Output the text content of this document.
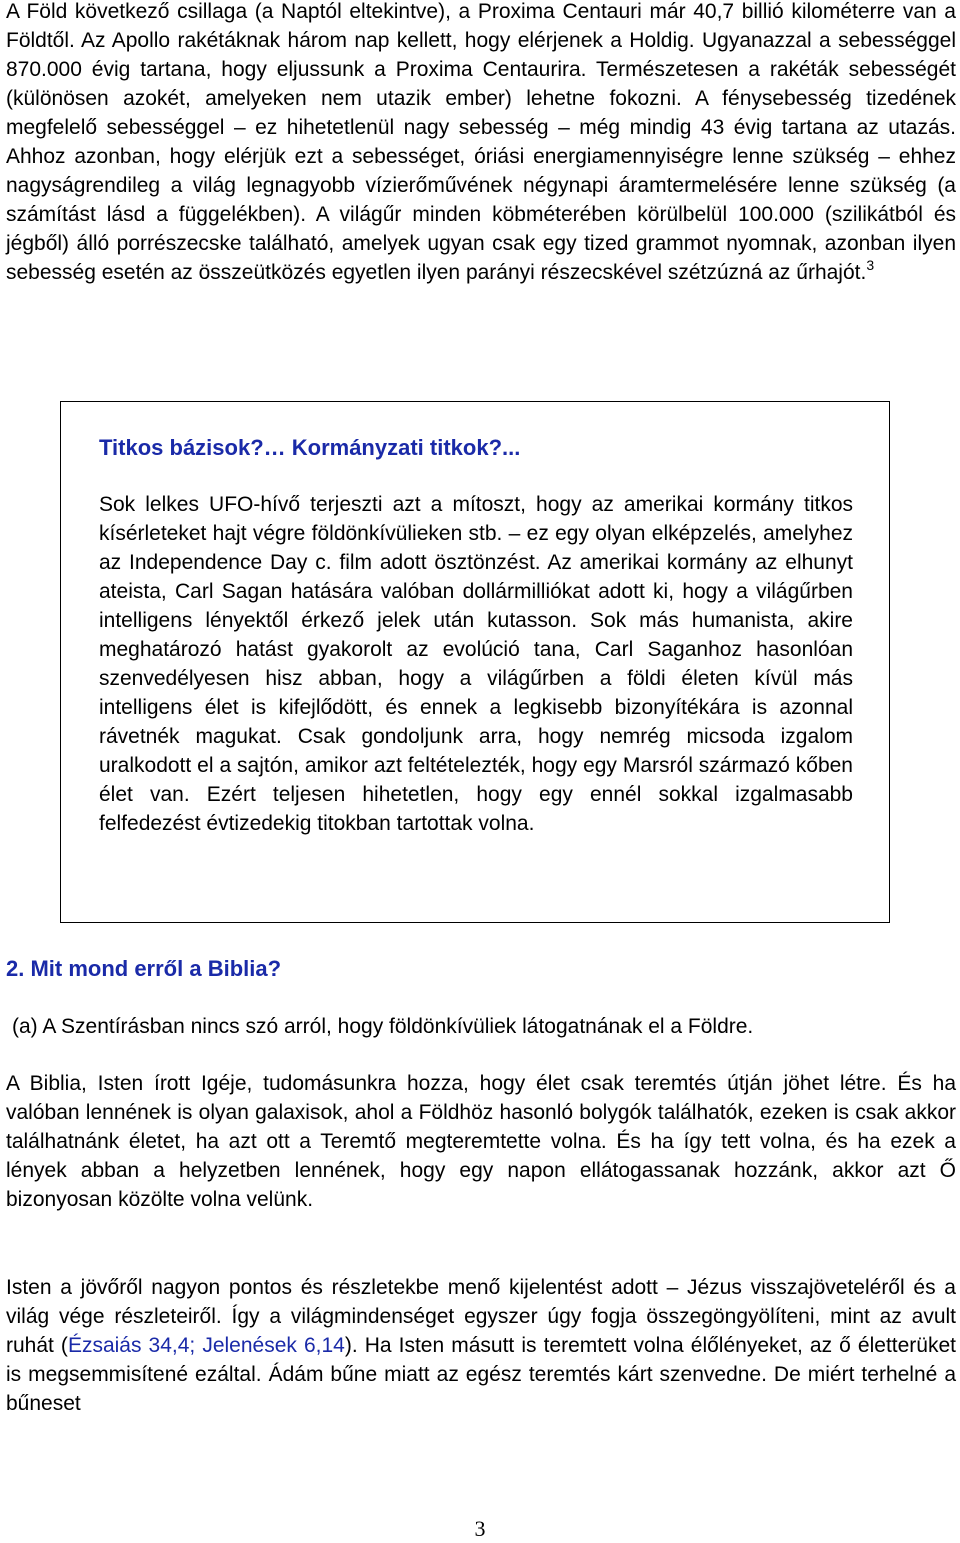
A Föld következő csillaga (a Naptól eltekintve), a Proxima Centauri már 40,7 billió kilométerre van a Földtől. Az Apollo rakétáknak három nap kellett, hogy elérjenek a Holdig. Ugyanazzal a sebességgel 870.000 évig tartana, hogy eljussunk a Proxima Centaurira. Természetesen a rakéták sebességét (különösen azokét, amelyeken nem utazik ember) lehetne fokozni. A fénysebesség tizedének megfelelő sebességgel – ez hihetetlenül nagy sebesség – még mindig 43 évig tartana az utazás. Ahhoz azonban, hogy elérjük ezt a sebességet, óriási energiamennyiségre lenne szükség – ehhez nagyságrendileg a világ legnagyobb vízierőművének négynapi áramtermelésére lenne szükség (a számítást lásd a függelékben). A világűr minden köbméterében körülbelül 100.000 (szilikátból és jégből) álló porrészecske található, amelyek ugyan csak egy tized grammot nyomnak, azonban ilyen sebesség esetén az összeütközés egyetlen ilyen parányi részecskével szétzúzná az űrhajót.$^3$

Titkos bázisok?… Kormányzati titkok?...

Sok lelkes UFO-hívő terjeszti azt a mítoszt, hogy az amerikai kormány titkos kísérleteket hajt végre földönkívülieken stb. – ez egy olyan elképzelés, amelyhez az Independence Day c. film adott ösztönzést. Az amerikai kormány az elhunyt ateista, Carl Sagan hatására valóban dollármilliókat adott ki, hogy a világűrben intelligens lényektől érkező jelek után kutasson. Sok más humanista, akire meghatározó hatást gyakorolt az evolúció tana, Carl Saganhoz hasonlóan szenvedélyesen hisz abban, hogy a világűrben a földi életen kívül más intelligens élet is kifejlődött, és ennek a legkisebb bizonyítékára is azonnal rávetnék magukat. Csak gondoljunk arra, hogy nemrég micsoda izgalom uralkodott el a sajtón, amikor azt feltételezték, hogy egy Marsról származó kőben élet van. Ezért teljesen hihetetlen, hogy egy ennél sokkal izgalmasabb felfedezést évtizedekig titokban tartottak volna.

2. Mit mond erről a Biblia?

(a) A Szentírásban nincs szó arról, hogy földönkívüliek látogatnának el a Földre.

A Biblia, Isten írott Igéje, tudomásunkra hozza, hogy élet csak teremtés útján jöhet létre. És ha valóban lennének is olyan galaxisok, ahol a Földhöz hasonló bolygók találhatók, ezeken is csak akkor találhatnánk életet, ha azt ott a Teremtő megteremtette volna. És ha így tett volna, és ha ezek a lények abban a helyzetben lennének, hogy egy napon ellátogassanak hozzánk, akkor azt Ő bizonyosan közölte volna velünk.

Isten a jövőről nagyon pontos és részletekbe menő kijelentést adott – Jézus visszajöveteléről és a világ vége részleteiről. Így a világmindenséget egyszer úgy fogja összegöngyölíteni, mint az avult ruhát (Ézsaiás 34,4; Jelenések 6,14). Ha Isten másutt is teremtett volna élőlényeket, az ő életterüket is megsemmisítené ezáltal. Ádám bűne miatt az egész teremtés kárt szenvedne. De miért terhelné a bűneset

3
